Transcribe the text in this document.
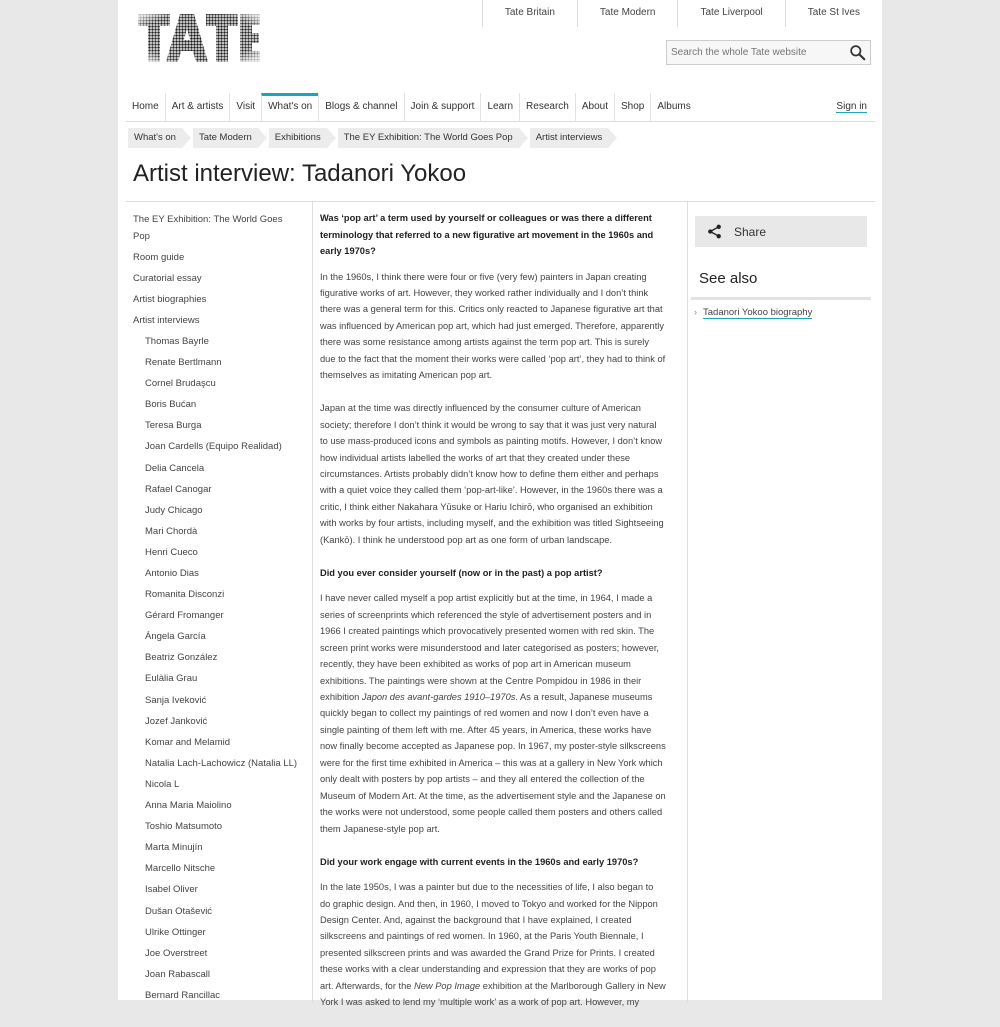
TATE	Tate Britain	Tate Modern	Tate Liverpool	Tate St Ives
Search the whole Tate website
Home	Art & artists	Visit	What's on	Blogs & channel	Join & support	Learn	Research	About	Shop	Albums	Sign in
What's on	Tate Modern	Exhibitions	The EY Exhibition: The World Goes Pop	Artist interviews
Artist interview: Tadanori Yokoo
The EY Exhibition: The World Goes Pop
Room guide
Curatorial essay
Artist biographies
Artist interviews
Thomas Bayrle
Renate Bertlmann
Cornel Brudaşcu
Boris Bućan
Teresa Burga
Joan Cardells (Equipo Realidad)
Delia Cancela
Rafael Canogar
Judy Chicago
Mari Chordà
Henri Cueco
Antonio Dias
Romanita Disconzi
Gérard Fromanger
Ángela García
Beatriz González
Eulàlia Grau
Sanja Iveković
Jozef Janković
Komar and Melamid
Natalia Lach-Lachowicz (Natalia LL)
Nicola L
Anna Maria Maiolino
Toshio Matsumoto
Marta Minujín
Marcello Nitsche
Isabel Oliver
Dušan Otašević
Ulrike Ottinger
Joe Overstreet
Joan Rabascall
Bernard Rancillac
Was ‘pop art’ a term used by yourself or colleagues or was there a different terminology that referred to a new figurative art movement in the 1960s and early 1970s?
In the 1960s, I think there were four or five (very few) painters in Japan creating figurative works of art. However, they worked rather individually and I don’t think there was a general term for this. Critics only reacted to Japanese figurative art that was influenced by American pop art, which had just emerged. Therefore, apparently there was some resistance among artists against the term pop art. This is surely due to the fact that the moment their works were called ‘pop art’, they had to think of themselves as imitating American pop art.
Japan at the time was directly influenced by the consumer culture of American society; therefore I don’t think it would be wrong to say that it was just very natural to use mass-produced icons and symbols as painting motifs. However, I don’t know how individual artists labelled the works of art that they created under these circumstances. Artists probably didn’t know how to define them either and perhaps with a quiet voice they called them ‘pop-art-like’. However, in the 1960s there was a critic, I think either Nakahara Yūsuke or Hariu Ichirō, who organised an exhibition with works by four artists, including myself, and the exhibition was titled Sightseeing (Kankō). I think he understood pop art as one form of urban landscape.
Did you ever consider yourself (now or in the past) a pop artist?
I have never called myself a pop artist explicitly but at the time, in 1964, I made a series of screenprints which referenced the style of advertisement posters and in 1966 I created paintings which provocatively presented women with red skin. The screen print works were misunderstood and later categorised as posters; however, recently, they have been exhibited as works of pop art in American museum exhibitions. The paintings were shown at the Centre Pompidou in 1986 in their exhibition Japon des avant-gardes 1910–1970s. As a result, Japanese museums quickly began to collect my paintings of red women and now I don’t even have a single painting of them left with me. After 45 years, in America, these works have now finally become accepted as Japanese pop. In 1967, my poster-style silkscreens were for the first time exhibited in America – this was at a gallery in New York which only dealt with posters by pop artists – and they all entered the collection of the Museum of Modern Art. At the time, as the advertisement style and the Japanese on the works were not understood, some people called them posters and others called them Japanese-style pop art.
Did your work engage with current events in the 1960s and early 1970s?
In the late 1950s, I was a painter but due to the necessities of life, I also began to do graphic design. And then, in 1960, I moved to Tokyo and worked for the Nippon Design Center. And, against the background that I have explained, I created silkscreens and paintings of red women. In 1960, at the Paris Youth Biennale, I presented silkscreen prints and was awarded the Grand Prize for Prints. I created these works with a clear understanding and expression that they are works of pop art. Afterwards, for the New Pop Image exhibition at the Marlborough Gallery in New York I was asked to lend my ‘multiple work’ as a work of pop art. However, my
Share
See also
› Tadanori Yokoo biography
